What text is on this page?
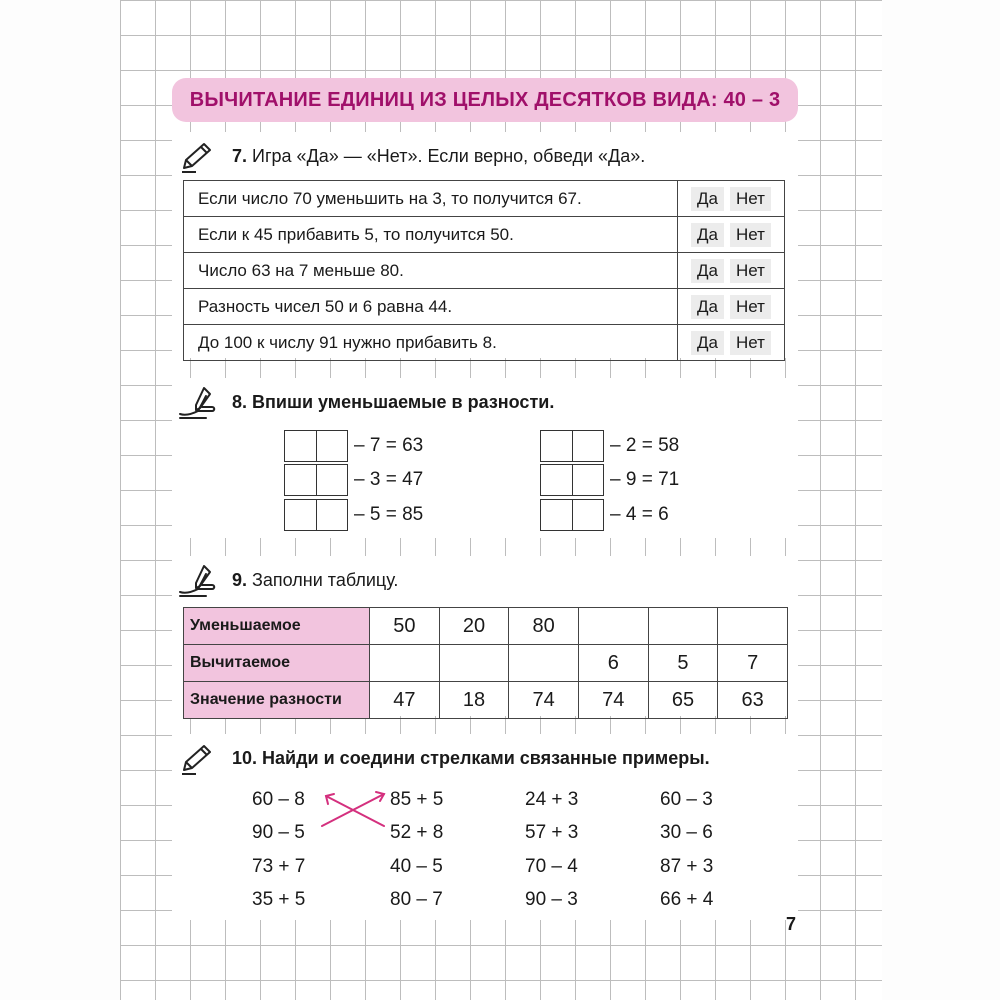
ВЫЧИТАНИЕ ЕДИНИЦ ИЗ ЦЕЛЫХ ДЕСЯТКОВ ВИДА: 40 – 3
7. Игра «Да» — «Нет». Если верно, обведи «Да».
Если число 70 уменьшить на 3, то получится 67.	Да Нет
Если к 45 прибавить 5, то получится 50.	Да Нет
Число 63 на 7 меньше 80.	Да Нет
Разность чисел 50 и 6 равна 44.	Да Нет
До 100 к числу 91 нужно прибавить 8.	Да Нет
8. Впиши уменьшаемые в разности.
– 7 = 63
– 3 = 47
– 5 = 85
– 2 = 58
– 9 = 71
– 4 = 6
9. Заполни таблицу.
Уменьшаемое	50	20	80			
Вычитаемое				6	5	7
Значение разности	47	18	74	74	65	63
10. Найди и соедини стрелками связанные примеры.
60 – 8
90 – 5
73 + 7
35 + 5
85 + 5
52 + 8
40 – 5
80 – 7
24 + 3
57 + 3
70 – 4
90 – 3
60 – 3
30 – 6
87 + 3
66 + 4
7
